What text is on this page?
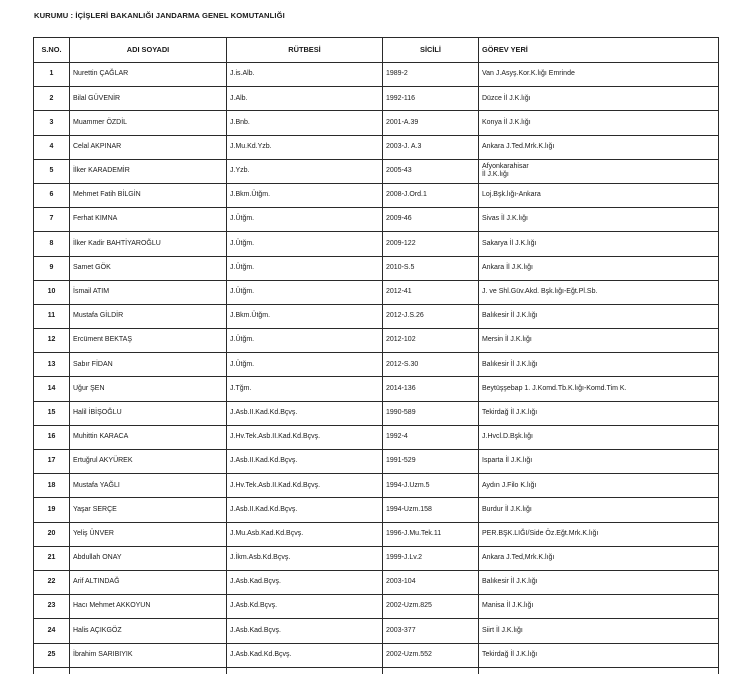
KURUMU : İÇİŞLERİ BAKANLIĞI JANDARMA GENEL KOMUTANLIĞI
S.NO.	ADI SOYADI	RÜTBESİ	SİCİLİ	GÖREV YERİ
1	Nurettin ÇAĞLAR	J.is.Alb.	1989-2	Van J.Asyş.Kor.K.lığı Emrinde
2	Bilal GÜVENİR	J.Alb.	1992-116	Düzce İl J.K.lığı
3	Muammer ÖZDİL	J.Bnb.	2001-A.39	Konya İl J.K.lığı
4	Celal AKPINAR	J.Mu.Kd.Yzb.	2003-J. A.3	Ankara J.Ted.Mrk.K.lığı
5	İlker KARADEMİR	J.Yzb.	2005-43	Afyonkarahisar
İl J.K.lığı

6	Mehmet Fatih BİLGİN	J.Bkm.Ütğm.	2008-J.Ord.1	Loj.Bşk.lığı-Ankara
7	Ferhat KIMNA	J.Ütğm.	2009-46	Sivas İl J.K.lığı
8	İlker Kadir BAHTİYAROĞLU	J.Ütğm.	2009-122	Sakarya İl J.K.lığı
9	Samet GÖK	J.Ütğm.	2010-S.5	Ankara İl J.K.lığı
10	İsmail ATIM	J.Ütğm.	2012-41	J. ve Shl.Güv.Akd. Bşk.lığı-Eğt.Pl.Sb.
11	Mustafa GİLDİR	J.Bkm.Ütğm.	2012-J.S.26	Balıkesir İl J.K.lığı
12	Ercüment BEKTAŞ	J.Ütğm.	2012-102	Mersin İl J.K.lığı
13	Sabır FİDAN	J.Ütğm.	2012-S.30	Balıkesir İl J.K.lığı
14	Uğur ŞEN	J.Tğm.	2014-136	Beytüşşebap 1. J.Komd.Tb.K.lığı-Komd.Tim K.
15	Halil İBİŞOĞLU	J.Asb.II.Kad.Kd.Bçvş.	1990-589	Tekirdağ İl J.K.lığı
16	Muhittin KARACA	J.Hv.Tek.Asb.II.Kad.Kd.Bçvş.	1992-4	J.Hvcl.D.Bşk.lığı
17	Ertuğrul AKYÜREK	J.Asb.II.Kad.Kd.Bçvş.	1991-529	Isparta İl J.K.lığı
18	Mustafa YAĞLI	J.Hv.Tek.Asb.II.Kad.Kd.Bçvş.	1994-J.Uzm.5	Aydın J.Filo K.lığı
19	Yaşar SERÇE	J.Asb.II.Kad.Kd.Bçvş.	1994-Uzm.158	Burdur İl J.K.lığı
20	Yeliş ÜNVER	J.Mu.Asb.Kad.Kd.Bçvş.	1996-J.Mu.Tek.11	PER.BŞK.LIĞI/Side Öz.Eğt.Mrk.K.lığı
21	Abdullah ONAY	J.İkm.Asb.Kd.Bçvş.	1999-J.Lv.2	Ankara J.Ted,Mrk.K.lığı
22	Arif ALTINDAĞ	J.Asb.Kad.Bçvş.	2003-104	Balıkesir İl J.K.lığı
23	Hacı Mehmet AKKOYUN	J.Asb.Kd.Bçvş.	2002-Uzm.825	Manisa İl J.K.lığı
24	Halis AÇIKGÖZ	J.Asb.Kad.Bçvş.	2003-377	Siirt İl J.K.lığı
25	İbrahim SARIBIYIK	J.Asb.Kad.Kd.Bçvş.	2002-Uzm.552	Tekirdağ İl J.K.lığı
